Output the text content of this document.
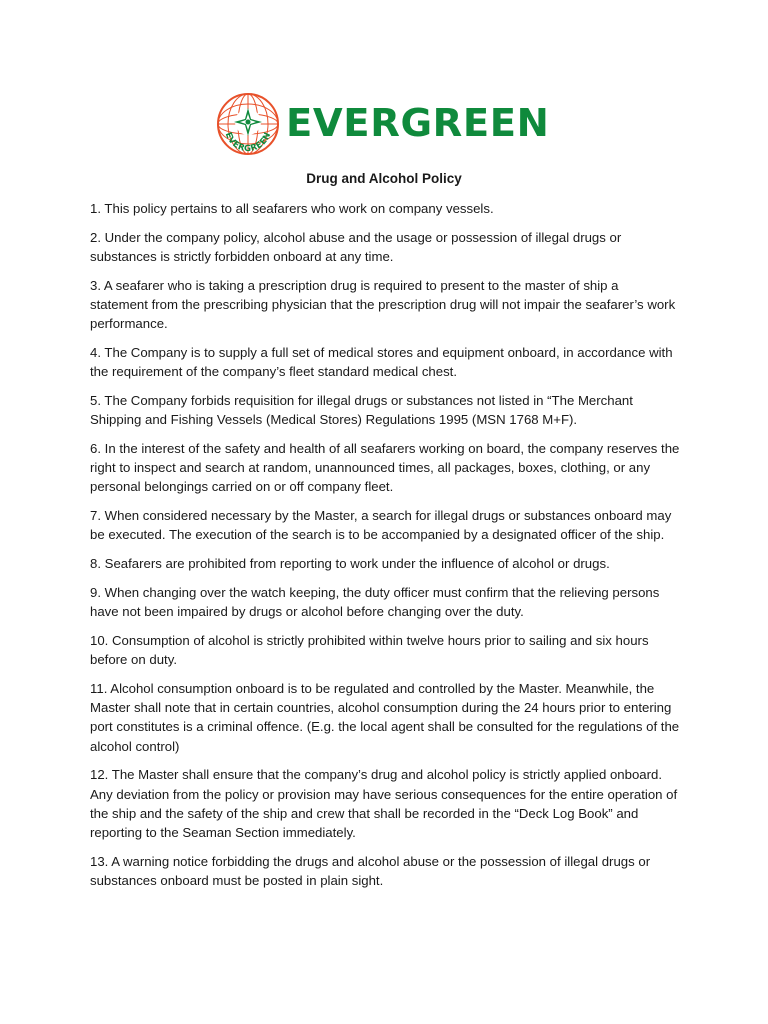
EVERGREEN EVERGREEN
Drug and Alcohol Policy
1. This policy pertains to all seafarers who work on company vessels.
2. Under the company policy, alcohol abuse and the usage or possession of illegal drugs or substances is strictly forbidden onboard at any time.
3. A seafarer who is taking a prescription drug is required to present to the master of ship a statement from the prescribing physician that the prescription drug will not impair the seafarer’s work performance.
4. The Company is to supply a full set of medical stores and equipment onboard, in accordance with the requirement of the company’s fleet standard medical chest.
5. The Company forbids requisition for illegal drugs or substances not listed in “The Merchant Shipping and Fishing Vessels (Medical Stores) Regulations 1995 (MSN 1768 M+F).
6. In the interest of the safety and health of all seafarers working on board, the company reserves the right to inspect and search at random, unannounced times, all packages, boxes, clothing, or any personal belongings carried on or off company fleet.
7. When considered necessary by the Master, a search for illegal drugs or substances onboard may be executed. The execution of the search is to be accompanied by a designated officer of the ship.
8. Seafarers are prohibited from reporting to work under the influence of alcohol or drugs.
9. When changing over the watch keeping, the duty officer must confirm that the relieving persons have not been impaired by drugs or alcohol before changing over the duty.
10. Consumption of alcohol is strictly prohibited within twelve hours prior to sailing and six hours before on duty.
11. Alcohol consumption onboard is to be regulated and controlled by the Master. Meanwhile, the Master shall note that in certain countries, alcohol consumption during the 24 hours prior to entering port constitutes is a criminal offence. (E.g. the local agent shall be consulted for the regulations of the alcohol control)
12. The Master shall ensure that the company’s drug and alcohol policy is strictly applied onboard. Any deviation from the policy or provision may have serious consequences for the entire operation of the ship and the safety of the ship and crew that shall be recorded in the “Deck Log Book” and reporting to the Seaman Section immediately.
13. A warning notice forbidding the drugs and alcohol abuse or the possession of illegal drugs or substances onboard must be posted in plain sight.
